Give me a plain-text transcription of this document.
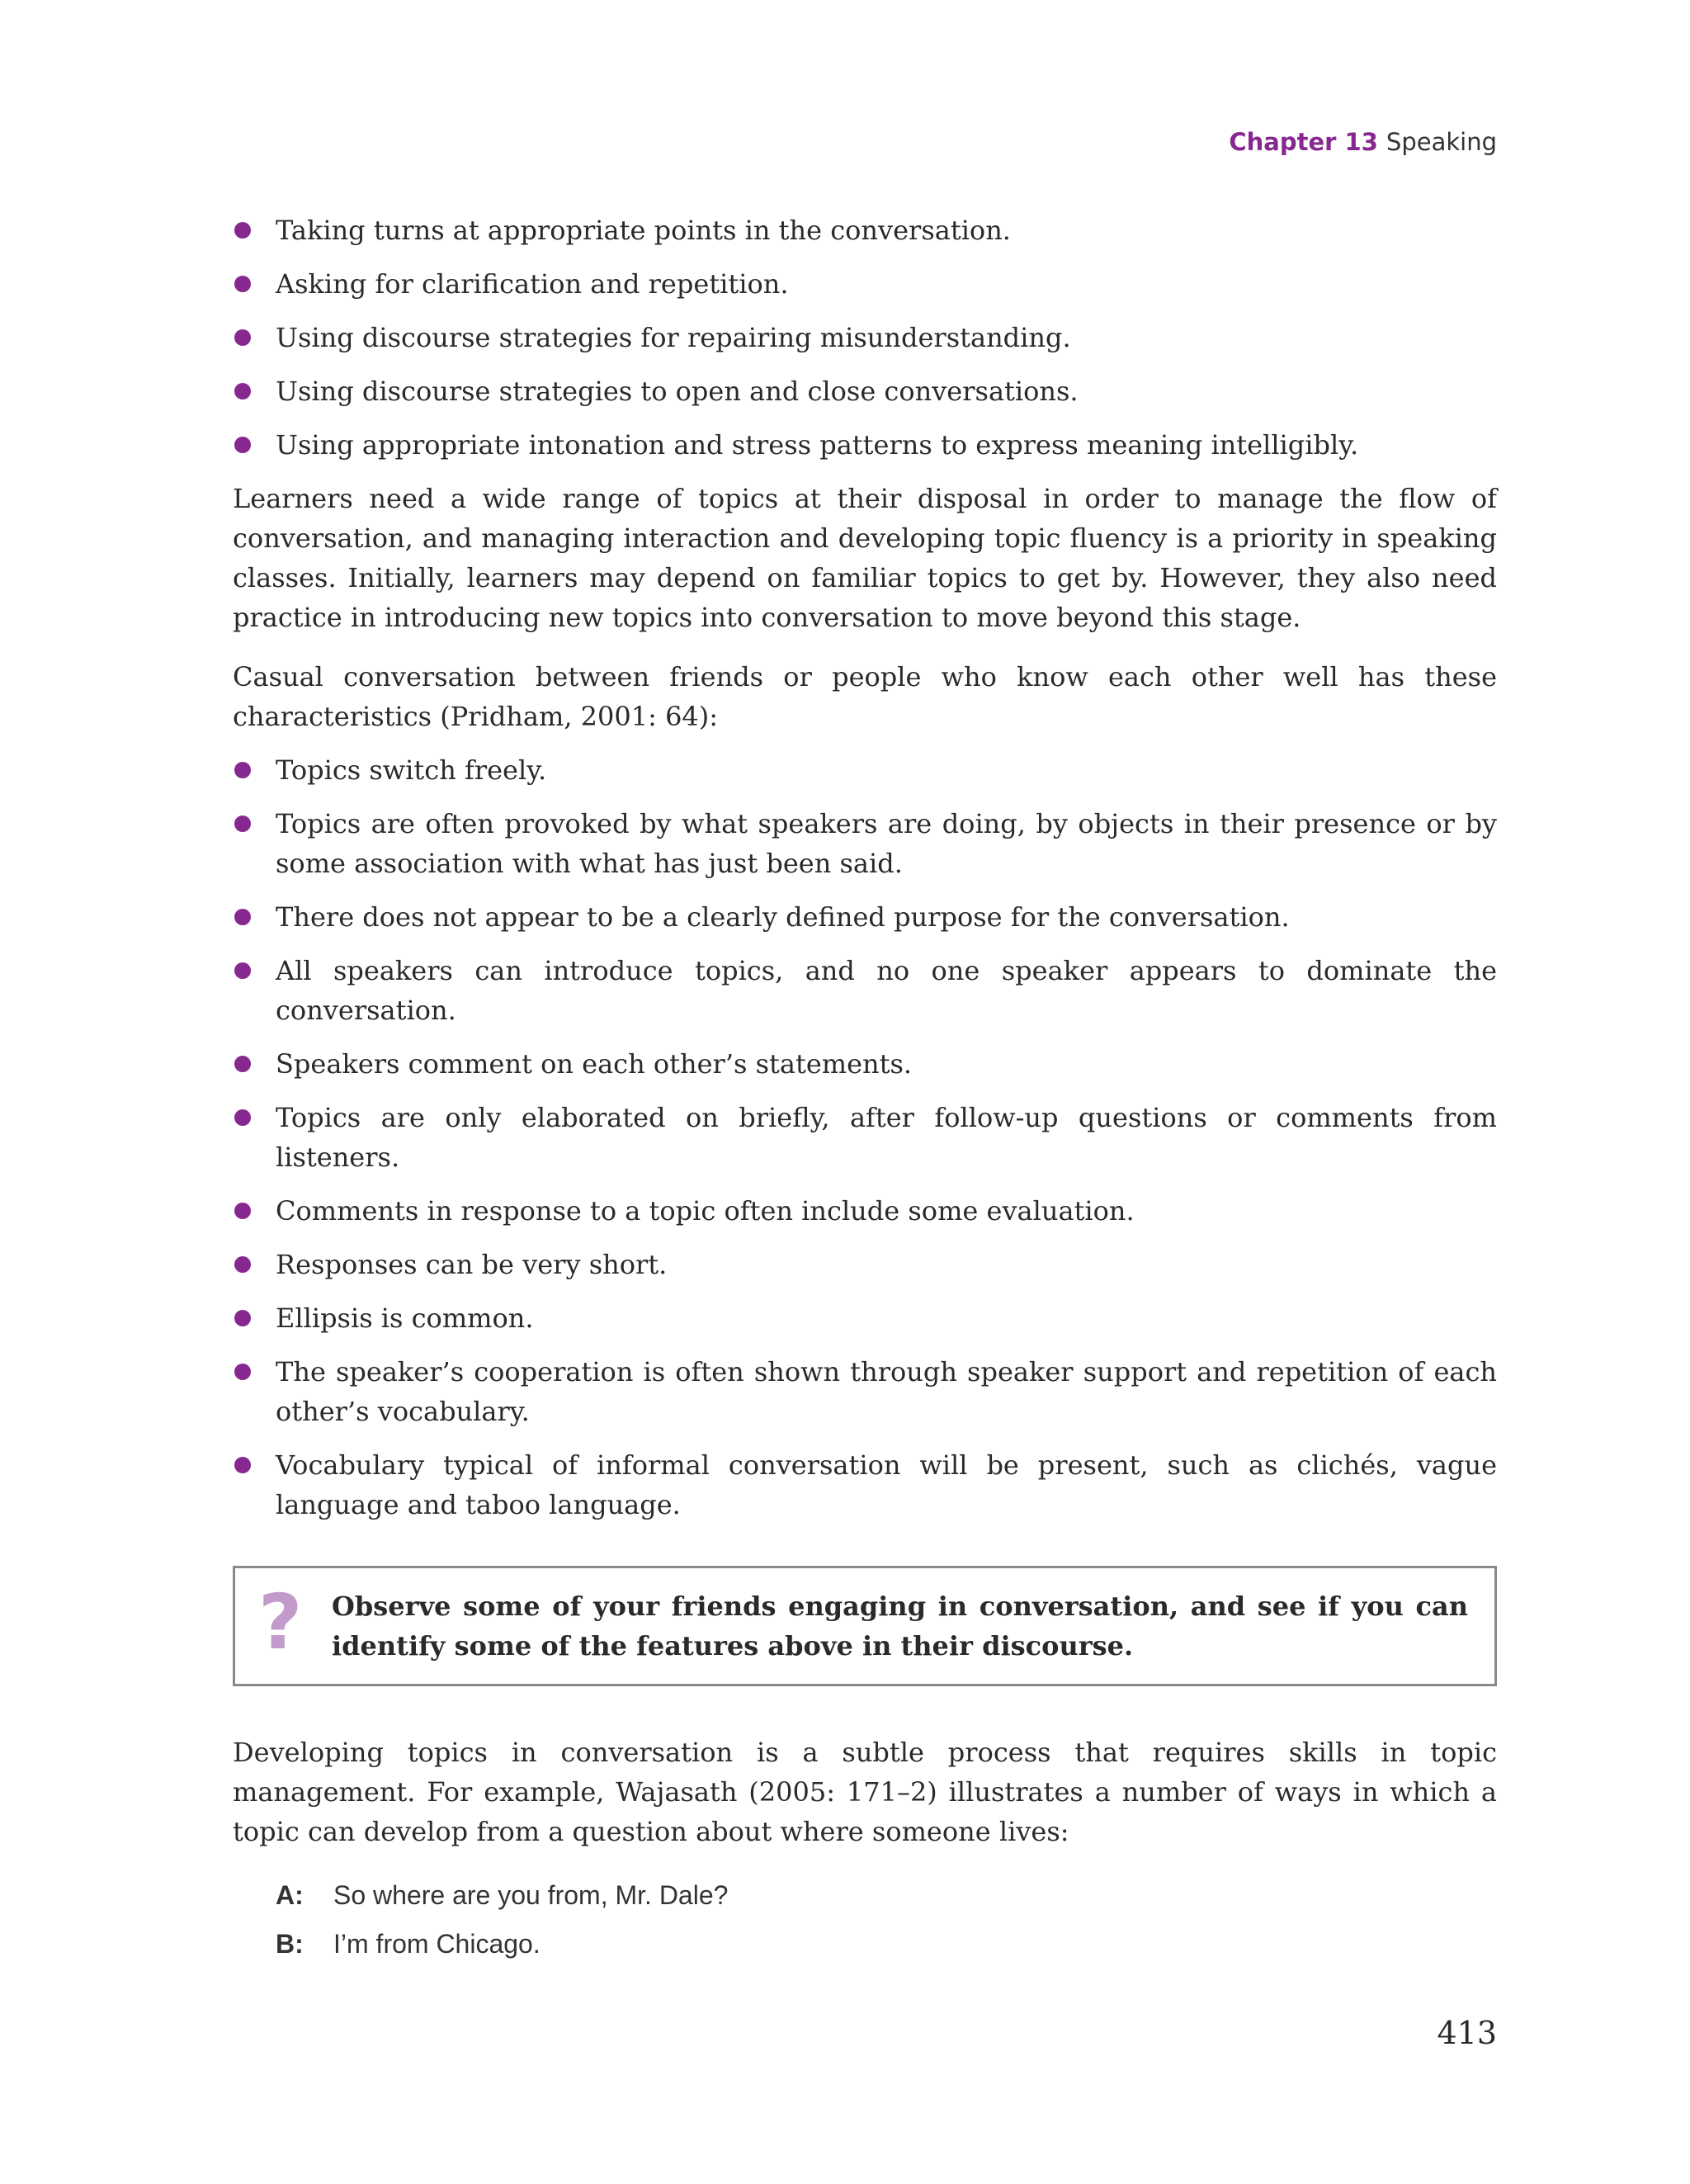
Chapter 13 Speaking
Taking turns at appropriate points in the conversation.
Asking for clarification and repetition.
Using discourse strategies for repairing misunderstanding.
Using discourse strategies to open and close conversations.
Using appropriate intonation and stress patterns to express meaning intelligibly.

Learners need a wide range of topics at their disposal in order to manage the flow of conversation, and managing interaction and developing topic fluency is a priority in speaking classes. Initially, learners may depend on familiar topics to get by. However, they also need practice in introducing new topics into conversation to move beyond this stage.

Casual conversation between friends or people who know each other well has these characteristics (Pridham, 2001: 64):

Topics switch freely.
Topics are often provoked by what speakers are doing, by objects in their presence or by some association with what has just been said.
There does not appear to be a clearly defined purpose for the conversation.
All speakers can introduce topics, and no one speaker appears to dominate the conversation.
Speakers comment on each other’s statements.
Topics are only elaborated on briefly, after follow-up questions or comments from listeners.
Comments in response to a topic often include some evaluation.
Responses can be very short.
Ellipsis is common.
The speaker’s cooperation is often shown through speaker support and repetition of each other’s vocabulary.
Vocabulary typical of informal conversation will be present, such as clichés, vague language and taboo language.
? Observe some of your friends engaging in conversation, and see if you can identify some of the features above in their discourse.

Developing topics in conversation is a subtle process that requires skills in topic management. For example, Wajasath (2005: 171–2) illustrates a number of ways in which a topic can develop from a question about where someone lives:

A: So where are you from, Mr. Dale?
B: I’m from Chicago.
413
